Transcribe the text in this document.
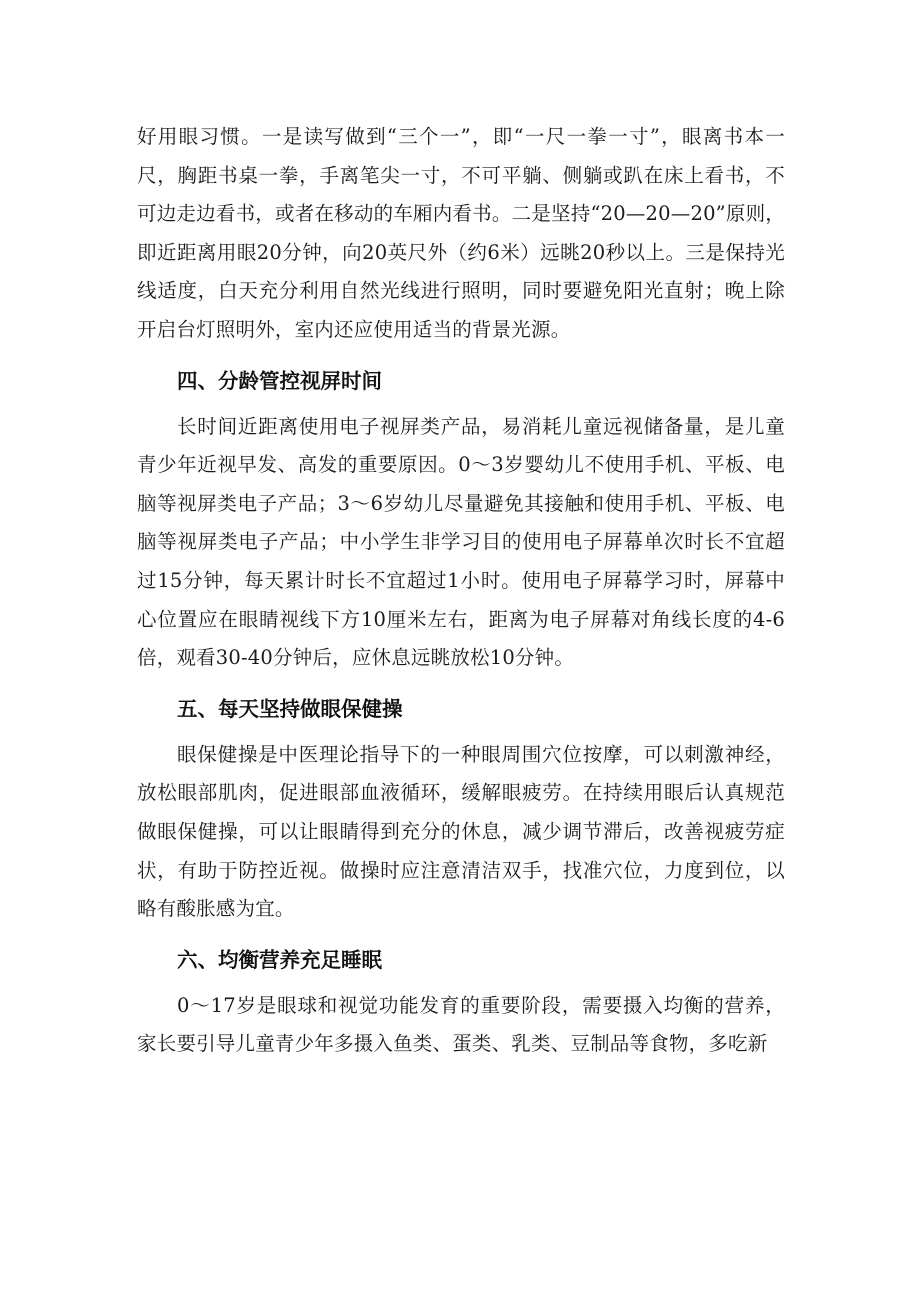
好用眼习惯。一是读写做到“三个一”，即“一尺一拳一寸”，眼离书本一尺，胸距书桌一拳，手离笔尖一寸，不可平躺、侧躺或趴在床上看书，不可边走边看书，或者在移动的车厢内看书。二是坚持“20—20—20”原则，即近距离用眼20分钟，向20英尺外（约6米）远眺20秒以上。三是保持光线适度，白天充分利用自然光线进行照明，同时要避免阳光直射；晚上除开启台灯照明外，室内还应使用适当的背景光源。

四、分龄管控视屏时间

长时间近距离使用电子视屏类产品，易消耗儿童远视储备量，是儿童青少年近视早发、高发的重要原因。0～3岁婴幼儿不使用手机、平板、电脑等视屏类电子产品；3～6岁幼儿尽量避免其接触和使用手机、平板、电脑等视屏类电子产品；中小学生非学习目的使用电子屏幕单次时长不宜超过15分钟，每天累计时长不宜超过1小时。使用电子屏幕学习时，屏幕中心位置应在眼睛视线下方10厘米左右，距离为电子屏幕对角线长度的4-6倍，观看30-40分钟后，应休息远眺放松10分钟。

五、每天坚持做眼保健操

眼保健操是中医理论指导下的一种眼周围穴位按摩，可以刺激神经，放松眼部肌肉，促进眼部血液循环，缓解眼疲劳。在持续用眼后认真规范做眼保健操，可以让眼睛得到充分的休息，减少调节滞后，改善视疲劳症状，有助于防控近视。做操时应注意清洁双手，找准穴位，力度到位，以略有酸胀感为宜。

六、均衡营养充足睡眠

0～17岁是眼球和视觉功能发育的重要阶段，需要摄入均衡的营养，家长要引导儿童青少年多摄入鱼类、蛋类、乳类、豆制品等食物，多吃新
